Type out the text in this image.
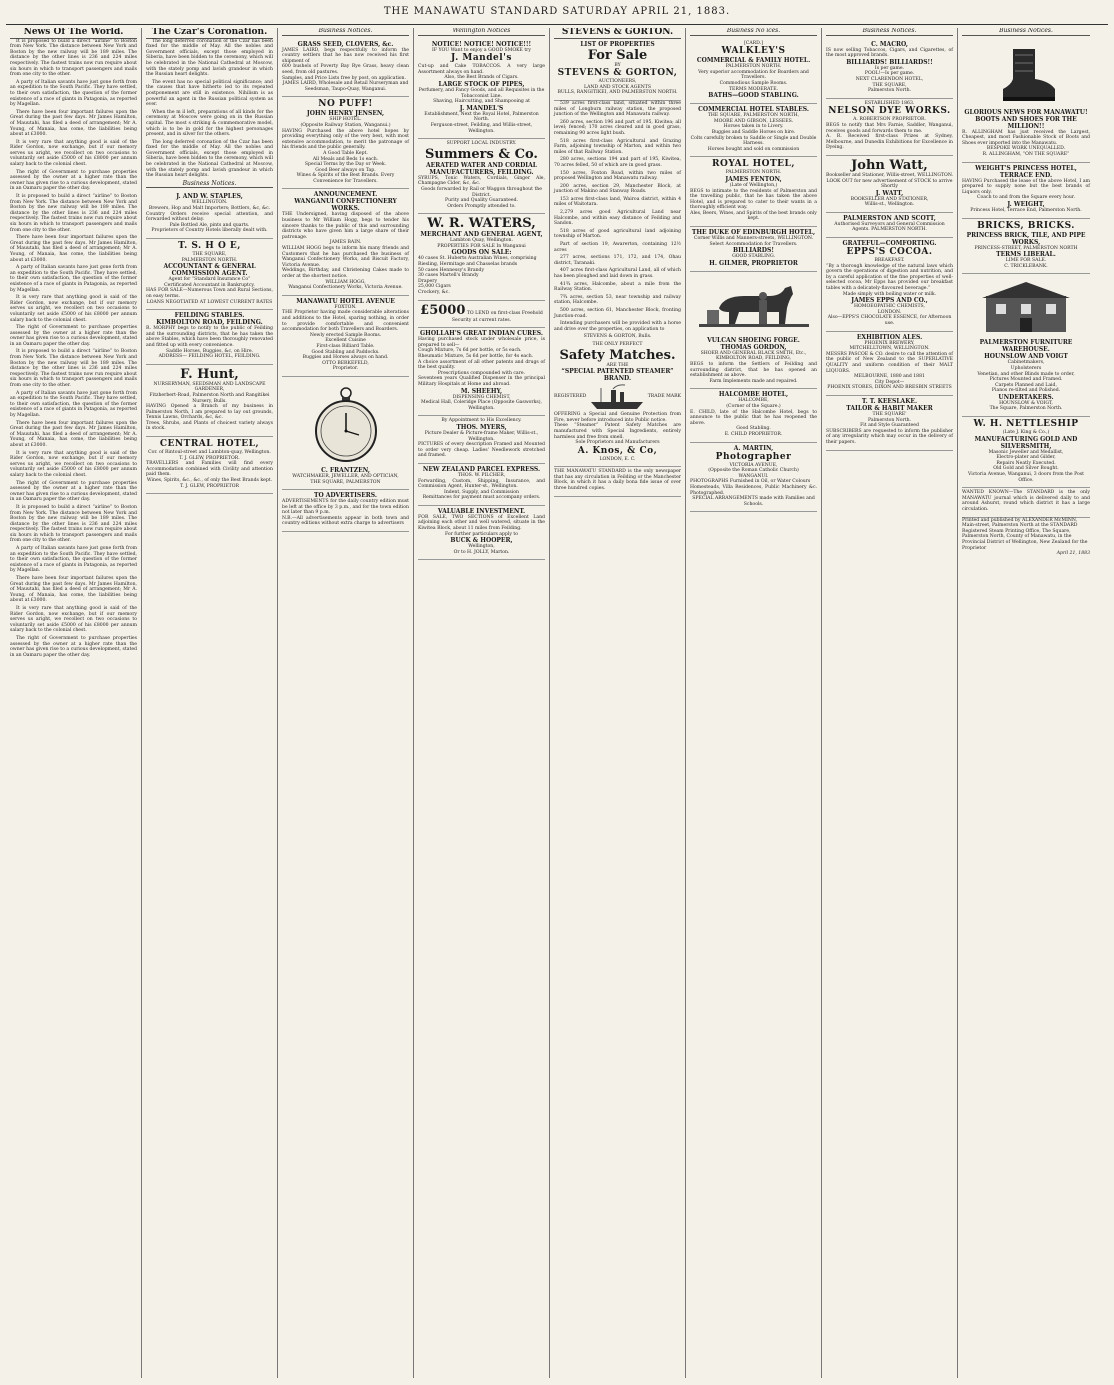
THE MANAWATU STANDARD SATURDAY APRIL 21, 1883.
News Of The World.

It is proposed to build a direct “airline” to Boston from New York. The distance between New York and Boston by the new railway will be 189 miles. The distance by the other lines is 236 and 224 miles respectively. The fastest trains now run require about six hours in which to transport passengers and mails from one city to the other.

A party of Italian savants have just gone forth from an expedition to the South Pacific. They have settled, to their own satisfaction, the question of the former existence of a race of giants in Patagonia, as reported by Magellan.

There have been four important failures upon the Great during the past few days. Mr James Hamilton, of Mauutahi, has filed a deed of arrangement; Mr A. Young, of Manaia, has come, the liabilities being about at £3000.

It is very rare that anything good is said of the Rider Gordon, now exchange, but if our memory serves us aright, we recollect on two occasions to voluntarily set aside £5000 of his £8000 per annum salary back to the colonial chest.

The right of Government to purchase properties assessed by the owner at a higher rate than the owner has given rise to a curious development, stated in an Oamaru paper the other day.

It is proposed to build a direct “airline” to Boston from New York. The distance between New York and Boston by the new railway will be 189 miles. The distance by the other lines is 236 and 224 miles respectively. The fastest trains now run require about six hours in which to transport passengers and mails from one city to the other.

There have been four important failures upon the Great during the past few days. Mr James Hamilton, of Mauutahi, has filed a deed of arrangement; Mr A. Young, of Manaia, has come, the liabilities being about at £3000.

A party of Italian savants have just gone forth from an expedition to the South Pacific. They have settled, to their own satisfaction, the question of the former existence of a race of giants in Patagonia, as reported by Magellan.

It is very rare that anything good is said of the Rider Gordon, now exchange, but if our memory serves us aright, we recollect on two occasions to voluntarily set aside £5000 of his £8000 per annum salary back to the colonial chest.

The right of Government to purchase properties assessed by the owner at a higher rate than the owner has given rise to a curious development, stated in an Oamaru paper the other day.

It is proposed to build a direct “airline” to Boston from New York. The distance between New York and Boston by the new railway will be 189 miles. The distance by the other lines is 236 and 224 miles respectively. The fastest trains now run require about six hours in which to transport passengers and mails from one city to the other.

A party of Italian savants have just gone forth from an expedition to the South Pacific. They have settled, to their own satisfaction, the question of the former existence of a race of giants in Patagonia, as reported by Magellan.

There have been four important failures upon the Great during the past few days. Mr James Hamilton, of Mauutahi, has filed a deed of arrangement; Mr A. Young, of Manaia, has come, the liabilities being about at £3000.

It is very rare that anything good is said of the Rider Gordon, now exchange, but if our memory serves us aright, we recollect on two occasions to voluntarily set aside £5000 of his £8000 per annum salary back to the colonial chest.

The right of Government to purchase properties assessed by the owner at a higher rate than the owner has given rise to a curious development, stated in an Oamaru paper the other day.

It is proposed to build a direct “airline” to Boston from New York. The distance between New York and Boston by the new railway will be 189 miles. The distance by the other lines is 236 and 224 miles respectively. The fastest trains now run require about six hours in which to transport passengers and mails from one city to the other.

A party of Italian savants have just gone forth from an expedition to the South Pacific. They have settled, to their own satisfaction, the question of the former existence of a race of giants in Patagonia, as reported by Magellan.

There have been four important failures upon the Great during the past few days. Mr James Hamilton, of Mauutahi, has filed a deed of arrangement; Mr A. Young, of Manaia, has come, the liabilities being about at £3000.

It is very rare that anything good is said of the Rider Gordon, now exchange, but if our memory serves us aright, we recollect on two occasions to voluntarily set aside £5000 of his £8000 per annum salary back to the colonial chest.

The right of Government to purchase properties assessed by the owner at a higher rate than the owner has given rise to a curious development, stated in an Oamaru paper the other day.

The Czar's Coronation.

The long deferred coronation of the Czar has been fixed for the middle of May. All the nobles and Government officials, except those employed in Siberia, have been bidden to the ceremony, which will be celebrated in the National Cathedral at Moscow, with the stately pomp and lavish grandeur in which the Russian heart delights.

The event has no special political significance; and the causes that have hitherto led to its repeated postponement are still in existence. Nihilism is as powerful an agent in the Russian political system as ever.

When the m il left, preparations of all kinds for the ceremony at Moscow were going on in the Russian capital. The most s striking & commemorative model, which is to be in gold for the highest personages present, and in silver for the others.

The long deferred coronation of the Czar has been fixed for the middle of May. All the nobles and Government officials, except those employed in Siberia, have been bidden to the ceremony, which will be celebrated in the National Cathedral at Moscow, with the stately pomp and lavish grandeur in which the Russian heart delights.

Business Notices.
J. AND W. STAPLES,
WELLINGTON.
Brewers, Hop and Malt Importers; Bottlers, &c, &c.
Country Orders receive special attention, and forwarded without delay.
Pale Bottled Ale, pints and quarts.
Proprietors of Country Hotels liberally dealt with.
T. S. H O E,
THE SQUARE,
PALMERSTON NORTH.
ACCOUNTANT & GENERAL COMMISSION AGENT.
Agent for “Standard Insurance Co”
Certificated Accountant in Bankruptcy.
HAS FOR SALE—Numerous Town and Rural Sections, on easy terms.
LOANS NEGOTIATED AT LOWEST CURRENT RATES
FEILDING STABLES.
KIMBOLTON ROAD, FEILDING.
R. MORPHY begs to notify to the public of Feilding and the surrounding districts, that he has taken the above Stables, which have been thoroughly renovated and fitted up with every convenience.
Saddle Horses, Buggies, &c, on Hire.
ADDRESS— FEILDING HOTEL, FEILDING.
F. Hunt,
NURSERYMAN, SEEDSMAN AND LANDSCAPE GARDENER,
Fitzherbert-Road, Palmerston North and Rangitikei Nursery, Bulls.
HAVING Opened a Branch of my business in Palmerston North, I am prepared to lay out grounds, Tennis Lawns, Orchards, &c, &c.
Trees, Shrubs, and Plants of choicest variety always in stock.
CENTRAL HOTEL,
Cor. of Rintoul-street and Lambton-quay, Wellington.
T. J. GLEW, PROPRIETOR.
TRAVELLERS and Families will find every Accommodation combined with Civility and attention paid them.
Wines, Spirits, &c., &c., of only the Best Brands kept.
T. J. GLEW, PROPRIETOR
Business Notices.
GRASS SEED, CLOVERS, &c.
JAMES LAIRD, begs respectfully to inform the country settlers that he has now received his first shipment of
600 bushels of Poverty Bay Rye Grass, heavy clean seed, from old pastures.
Samples, and Price Lists free by post, on application.
JAMES LAIRD, Wholesale and Retail Nurseryman and Seedsman, Taupo-Quay, Wanganui.
NO PUFF!
JOHN HENRY JENSEN,
SHIP HOTEL.
(Opposite Railway Station, Wanganui.)
HAVING Purchased the above hotel hopes by providing everything only of the very best, with most extensive accommodation, to merit the patronage of his friends and the public generally.
A Good Table Kept.
All Meals and Beds 1s each.
Special Terms by the Day or Week.
Good Beer always on Tap.
Wines & Spirits of the Best Brands. Every Convenience for Travellers.
ANNOUNCEMENT.
WANGANUI CONFECTIONERY WORKS.
THE Undersigned, having disposed of the above business to Mr William Hogg, begs to tender his sincere thanks to the public of this and surrounding districts who have given him a large share of their patronage.
JAMES BAIN.
WILLIAM HOGG begs to inform his many friends and Customers that he has purchased the business of Wanganui Confectionery Works, and Biscuit Factory, Victoria Avenue.
Weddings, Birthday, and Christening Cakes made to order at the shortest notice.
WILLIAM HOGG,
Wanganui Confectionery Works, Victoria Avenue.
MANAWATU HOTEL AVENUE
FOXTON.
THE Proprietor having made considerable alterations and additions to the Hotel, sparing nothing, in order to provide comfortable and convenient accommodation for both Travellers and Boarders.
Newly erected Sample Rooms.
Excellent Cuisine
First-class Billiard Table.
Good Stabling and Paddocks.
Buggies and Horses always on hand.
OTTO BERKEFELD,
Proprietor.
C. FRANTZEN,
WATCHMAKER, JEWELLER, AND OPTICIAN,
THE SQUARE, PALMERSTON
TO ADVERTISERS.
ADVERTISEMENTS for the daily country edition must be left at the office by 3 p.m., and for the town edition not later than 9 p.m.
N.B.—All advertisements appear in both town and country editions without extra charge to advertisers
Wellington Notices
NOTICE! NOTICE! NOTICE!!!
IF YOU Want to enjoy a GOOD SMOKE try
J. Mandel's
Cut-up and Cake TOBACCOS. A very large Assortment always on hand.
Also, the Best Brands of Cigars.
LARGE STOCK OF PIPES,
Perfumery, and Fancy Goods, and all Requisites in the Tobacconist Line.
Shaving, Haircutting, and Shampooing at
J. MANDEL'S
Establishment, Next the Royal Hotel, Palmerston North.
Ferguson-street, Feilding, and Willis-street, Wellington.
SUPPORT LOCAL INDUSTRY.
Summers & Co.
AERATED WATER AND CORDIAL MANUFACTURERS, FEILDING.
SYRUPS, Tonic Waters, Cordials, Ginger Ale, Champagne Cider, &c, &c.
Goods forwarded by Rail or Waggon throughout the District.
Purity and Quality Guaranteed.
Orders Promptly attended to.
W. R. WATERS,
MERCHANT AND GENERAL AGENT,
Lambton Quay, Wellington.
PROPERTIES FOR SALE In Wanganui
GOODS ON SALE:
40 cases St. Huberts Australian Wines, comprising Riesling, Hermitage and Chasselas brands
50 cases Hennessy's Brandy
30 cases Martell's Brandy
Drapery
25,000 Cigars
Crockery, &c.
£5000 TO LEND on first-class Freehold Security at current rates.
GHOLLAH'S GREAT INDIAN CURES.
Having purchased stock under wholesale price, is prepared to sell—
Cough Mixture, 7s 6d per bottle, or 5s each.
Rheumatic Mixture, 5s 6d per bottle, for 4s each.
A choice assortment of all other patents and drugs of the best quality.
Prescriptions compounded with care.
Seventeen years Qualified Dispenser in the principal Military Hospitals at Home and abroad.
M. SHEEHY,
DISPENSING CHEMIST,
Medical Hall, Coleridge Place (Opposite Gasworks), Wellington.
By Appointment to His Excellency.
THOS. MYERS,
Picture Dealer & Picture-frame Maker, Willis-st., Wellington.
PICTURES of every description Framed and Mounted to order very cheap. Ladies' Needlework stretched and framed.
NEW ZEALAND PARCEL EXPRESS.
THOS. W. PILCHER,
Forwarding, Custom, Shipping, Insurance, and Commission Agent, Hunter-st., Wellington.
Indent, Supply, and Commission
Remittances for payment must accompany orders.
VALUABLE INVESTMENT.
FOR SALE, TWO SECTIONS of Excellent Land adjoining each other and well watered, situate in the Kiwitea Block, about 11 miles from Feilding.
For further particulars apply to
BUCK & HOOPER,
Wellington,
Or to H. JOLLY, Marton.
STEVENS & GORTON.
LIST OF PROPERTIES
For Sale
BY
STEVENS & GORTON,
AUCTIONEERS,
LAND AND STOCK AGENTS
BULLS, RANGITIKEI, AND PALMERSTON NORTH.

539 acres first-class land, situated within three miles of Longburn railway station, the proposed junction of the Wellington and Manawatu railway.

260 acres, section 196 and part of 195, Kiwitea; all level; fenced; 170 acres cleared and in good grass, remaining 90 acres light bush.

518 acres first-class Agricultural and Grazing Farm, adjoining township of Marton, and within two miles of that Railway Station.

280 acres, sections 194 and part of 195, Kiwitea, 70 acres felled, 50 of which are in good grass.

150 acres, Foxton Road, within two miles of proposed Wellington and Manawatu railway.

200 acres, section 29, Manchester Block, at junction of Makino and Stanway Roads.

153 acres first-class land, Wairoa district, within 4 miles of Waitotara.

2,279 acres good Agricultural Land near Halcombe, and within easy distance of Feilding and Sandon.

518 acres of good agricultural land adjoining township of Marton.

Part of section 19, Awarerton, containing 12½ acres

277 acres, sections 171, 172, and 174, Ohau district, Taranaki.

407 acres first-class Agricultural Land, all of which has been ploughed and laid down in grass.

41¾ acres, Halcombe, about a mile from the Railway Station.

7¾ acres, section 53, near township and railway station, Halcombe.

500 acres, section 61, Manchester Block, fronting Junction-road.

Intending purchasers will be provided with a horse and drive over the properties, on application to

STEVENS & GORTON, Bulls.
THE ONLY PERFECT
Safety Matches.
ARE THE
“SPECIAL PATENTED STEAMER” BRAND.
REGISTERED	TRADE MARK
OFFERING a Special and Genuine Protection from Fire, never before introduced into Public notice.
These “Steamer” Patent Safety Matches are manufactured with Special Ingredients, entirely harmless and free from smell.
Sole Proprietors and Manufacturers
A. Knos, & Co,
LONDON, E. C.
THE MANAWATU STANDARD is the only newspaper that has any circulation in Feilding or the Manchester Block, in which it has a daily bona fide issue of over three hundred copies.
Business No ices.
[CARD.]
WALKLEY'S
COMMERCIAL & FAMILY HOTEL.
PALMERSTON NORTH.
Very superior accommodation for Boarders and Travellers.
Commodious Sample Rooms.
TERMS MODERATE.
BATHS—GOOD STABLING.
COMMERCIAL HOTEL STABLES.
THE SQUARE, PALMERSTON NORTH,
MOORE AND GIBSON, LESSEES.
Horses taken in to Livery.
Buggies and Saddle Horses on hire.
Colts carefully broken to Saddle or Single and Double Harness.
Horses bought and sold on commission
ROYAL HOTEL,
PALMERSTON NORTH.
JAMES FENTON,
(Late of Wellington,)
BEGS to intimate to the residents of Palmerston and the travelling public, that he has taken the above Hotel, and is prepared to cater to their wants in a thoroughly efficient way.
Ales, Beers, Wines, and Spirits of the best brands only kept.
THE DUKE OF EDINBURGH HOTEL,
Corner Willis and Manners-streets, WELLINGTON.
Select Accommodation for Travellers.
BILLIARDS!
GOOD STABLING.
H. GILMER, PROPRIETOR
VULCAN SHOEING FORGE.
THOMAS GORDON,
SHOER AND GENERAL BLACK SMITH, Etc.,
KIMBOLTON ROAD, FEILDING,
BEGS to inform the Settlers of Feilding and surrounding district, that he has opened an establishment as above.
Farm Implements made and repaired.
HALCOMBE HOTEL,
HALCOMBE,
(Corner of the Square.)
E. CHILD, late of the Halcombe Hotel, begs to announce to the public that he has reopened the above.
Good Stabling.
E. CHILD PROPRIETOR.
A. MARTIN,
Photographer
VICTORIA AVENUE,
(Opposite the Roman Catholic Church)
WANGANUI.
PHOTOGRAPHS Furnished in Oil, or Water Colours
Homesteads, Villa Residences, Public Machinery &c. Photographed.
SPECIAL ARRANGEMENTS made with Families and Schools.
Business Notices.
C. MACRO,
IS now selling Tobaccos, Cigars, and Cigarettes, of the most approved brands.
BILLIARDS! BILLIARDS!!
Is per game.
POOL!—Is per game.
NEXT CLARENDON HOTEL,
THE SQUARE,
Palmerston North.
ESTABLISHED 1863.
NELSON DYE WORKS.
A. ROBERTSON PROPRIETOR.
BEGS to notify that Mrs Farnie, Saddler, Wanganui, receives goods and forwards them to me.
A. R. Received first-class Prizes at Sydney, Melbourne, and Dunedin Exhibitions for Excellence in Dyeing.
John Watt,
Bookseller and Stationer, Willis-street, WELLINGTON.
LOOK OUT for new advertisement of STOCK to arrive Shortly
J. WATT,
BOOKSELLER AND STATIONER,
Willis-st., Wellington.
PALMERSTON AND SCOTT,
Authorised Surveyors and General Commission Agents. PALMERSTON NORTH.
GRATEFUL—COMFORTING.
EPPS'S COCOA.
BREAKFAST.
“By a thorough knowledge of the natural laws which govern the operations of digestion and nutrition, and by a careful application of the fine properties of well-selected cocoa, Mr Epps has provided our breakfast tables with a delicately-flavoured beverage.”
Made simply with boiling water or milk.
JAMES EPPS AND CO.,
HOMOEOPATHIC CHEMISTS,
LONDON.
Also—EPPS'S CHOCOLATE ESSENCE, for Afternoon use.
EXHIBITION ALES.
PHOENIX BREWERY,
MITCHELLTOWN, WELLINGTON.
MESSRS PASCOE & CO. desire to call the attention of the public of New Zealand to the SUPERLATIVE QUALITY and uniform condition of their MALT LIQUORS.
MELBOURNE, 1880 and 1881
City Depot—
PHOENIX STORES, DIXON AND BRESBIN STREETS
T. T. KEESLAKE.
TAILOR & HABIT MAKER
THE SQUARE'
Palmerston North.
Fit and Style Guaranteed
SUBSCRIBERS are requested to inform the publisher of any irregularity which may occur in the delivery of their papers.
Business Notices.
GLORIOUS NEWS FOR MANAWATU!
BOOTS AND SHOES FOR THE MILLION!!
R. ALLINGHAM has just received the Largest, Cheapest, and most Fashionable Stock of Boots and Shoes ever imported into the Manawatu.
BESPOKE WORK UNEQUALLED.
R. ALLINGHAM, “ON THE SQUARE”
WEIGHT'S PRINCESS HOTEL, TERRACE END.
HAVING Purchased the lease of the above Hotel, I am prepared to supply none but the best brands of Liquors only.
Coach to and from the Square every hour.
J. WEIGHT,
Princess Hotel, Terrace End, Palmerston North.
BRICKS, BRICKS.
PRINCESS BRICK, TILE, AND PIPE WORKS,
PRINCESS-STREET, PALMERSTON NORTH
TERMS LIBERAL.
LIME FOR SALE.
C. TRICKLEBANK.
PALMERSTON FURNITURE WAREHOUSE.
HOUNSLOW AND VOIGT
Cabinetmakers,
Upholsterers
Venetian, and other Blinds made to order,
Pictures Mounted and Framed.
Carpets Planned and Laid,
Pianos re-tilted and Polished.
UNDERTAKERS.
HOUNSLOW & VOIGT,
The Square, Palmerston North.
W. H. NETTLESHIP
(Late J. King & Co.,)
MANUFACTURING GOLD AND SILVERSMITH,
Masonic Jeweller and Medallist,
Electro-plater and Gilder,
Repairs Neatly Executed.
Old Gold and Silver Bought.
Victoria Avenue, Wanganui, 3 doors from the Post Office.
WANTED KNOWN—The STANDARD is the only MANAWATU journal which is delivered daily to and around Ashurst, round which district it has a large circulation.
Printed and published by ALEXANDER McMINN, Main-street, Palmerston North at the STANDARD Registered Steam Printing Office, The Square, Palmerston North, County of Manawatu, in the Provincial District of Wellington, New Zealand for the Proprietor
April 21, 1883
